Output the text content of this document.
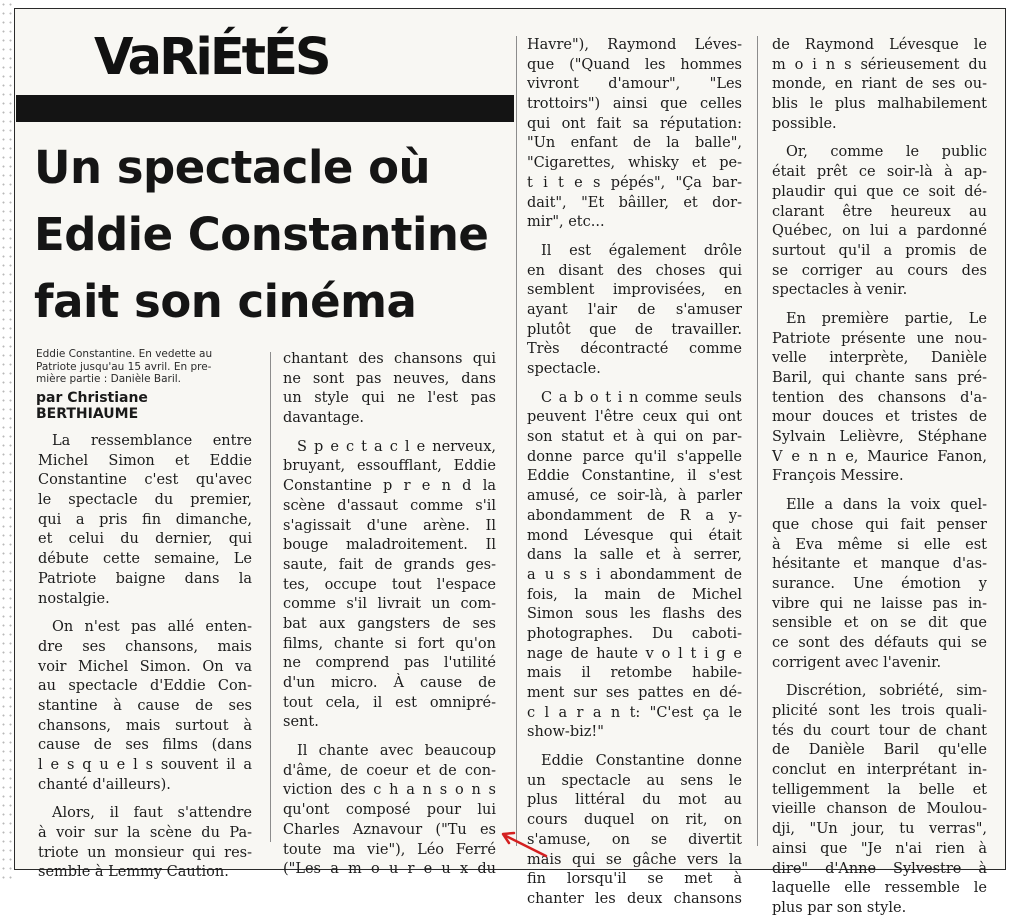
VaRiÉtÉS
Un spectacle où
Eddie Constantine
fait son cinéma
Eddie Constantine. En vedette au
Patriote jusqu'au 15 avril. En pre-
mière partie : Danièle Baril.
par Christiane
BERTHIAUME
La ressemblance entre
Michel Simon et Eddie
Constantine c'est qu'avec
le spectacle du premier,
qui a pris fin dimanche,
et celui du dernier, qui
débute cette semaine, Le
Patriote baigne dans la
nostalgie.
On n'est pas allé enten-
dre ses chansons, mais
voir Michel Simon. On va
au spectacle d'Eddie Con-
stantine à cause de ses
chansons, mais surtout à
cause de ses films (dans
l e s q u e l s souvent il a
chanté d'ailleurs).
Alors, il faut s'attendre
à voir sur la scène du Pa-
triote un monsieur qui res-
semble à Lemmy Caution.
chantant des chansons qui
ne sont pas neuves, dans
un style qui ne l'est pas
davantage.
S p e c t a c l e nerveux,
bruyant, essoufflant, Eddie
Constantine p r e n d la
scène d'assaut comme s'il
s'agissait d'une arène. Il
bouge maladroitement. Il
saute, fait de grands ges-
tes, occupe tout l'espace
comme s'il livrait un com-
bat aux gangsters de ses
films, chante si fort qu'on
ne comprend pas l'utilité
d'un micro. À cause de
tout cela, il est omnipré-
sent.
Il chante avec beaucoup
d'âme, de coeur et de con-
viction des c h a n s o n s
qu'ont composé pour lui
Charles Aznavour ("Tu es
toute ma vie"), Léo Ferré
("Les a m o u r e u x du
Havre"), Raymond Léves-
que ("Quand les hommes
vivront d'amour", "Les
trottoirs") ainsi que celles
qui ont fait sa réputation:
"Un enfant de la balle",
"Cigarettes, whisky et pe-
t i t e s pépés", "Ça bar-
dait", "Et bâiller, et dor-
mir", etc...
Il est également drôle
en disant des choses qui
semblent improvisées, en
ayant l'air de s'amuser
plutôt que de travailler.
Très décontracté comme
spectacle.
C a b o t i n comme seuls
peuvent l'être ceux qui ont
son statut et à qui on par-
donne parce qu'il s'appelle
Eddie Constantine, il s'est
amusé, ce soir-là, à parler
abondamment de R a y-
mond Lévesque qui était
dans la salle et à serrer,
a u s s i abondamment de
fois, la main de Michel
Simon sous les flashs des
photographes. Du caboti-
nage de haute v o l t i g e
mais il retombe habile-
ment sur ses pattes en dé-
c l a r a n t: "C'est ça le
show-biz!"
Eddie Constantine donne
un spectacle au sens le
plus littéral du mot au
cours duquel on rit, on
s'amuse, on se divertit
mais qui se gâche vers la
fin lorsqu'il se met à
chanter les deux chansons
de Raymond Lévesque le
m o i n s sérieusement du
monde, en riant de ses ou-
blis le plus malhabilement
possible.
Or, comme le public
était prêt ce soir-là à ap-
plaudir qui que ce soit dé-
clarant être heureux au
Québec, on lui a pardonné
surtout qu'il a promis de
se corriger au cours des
spectacles à venir.
En première partie, Le
Patriote présente une nou-
velle interprète, Danièle
Baril, qui chante sans pré-
tention des chansons d'a-
mour douces et tristes de
Sylvain Lelièvre, Stéphane
V e n n e, Maurice Fanon,
François Messire.
Elle a dans la voix quel-
que chose qui fait penser
à Eva même si elle est
hésitante et manque d'as-
surance. Une émotion y
vibre qui ne laisse pas in-
sensible et on se dit que
ce sont des défauts qui se
corrigent avec l'avenir.
Discrétion, sobriété, sim-
plicité sont les trois quali-
tés du court tour de chant
de Danièle Baril qu'elle
conclut en interprétant in-
telligemment la belle et
vieille chanson de Moulou-
dji, "Un jour, tu verras",
ainsi que "Je n'ai rien à
dire" d'Anne Sylvestre à
laquelle elle ressemble le
plus par son style.
